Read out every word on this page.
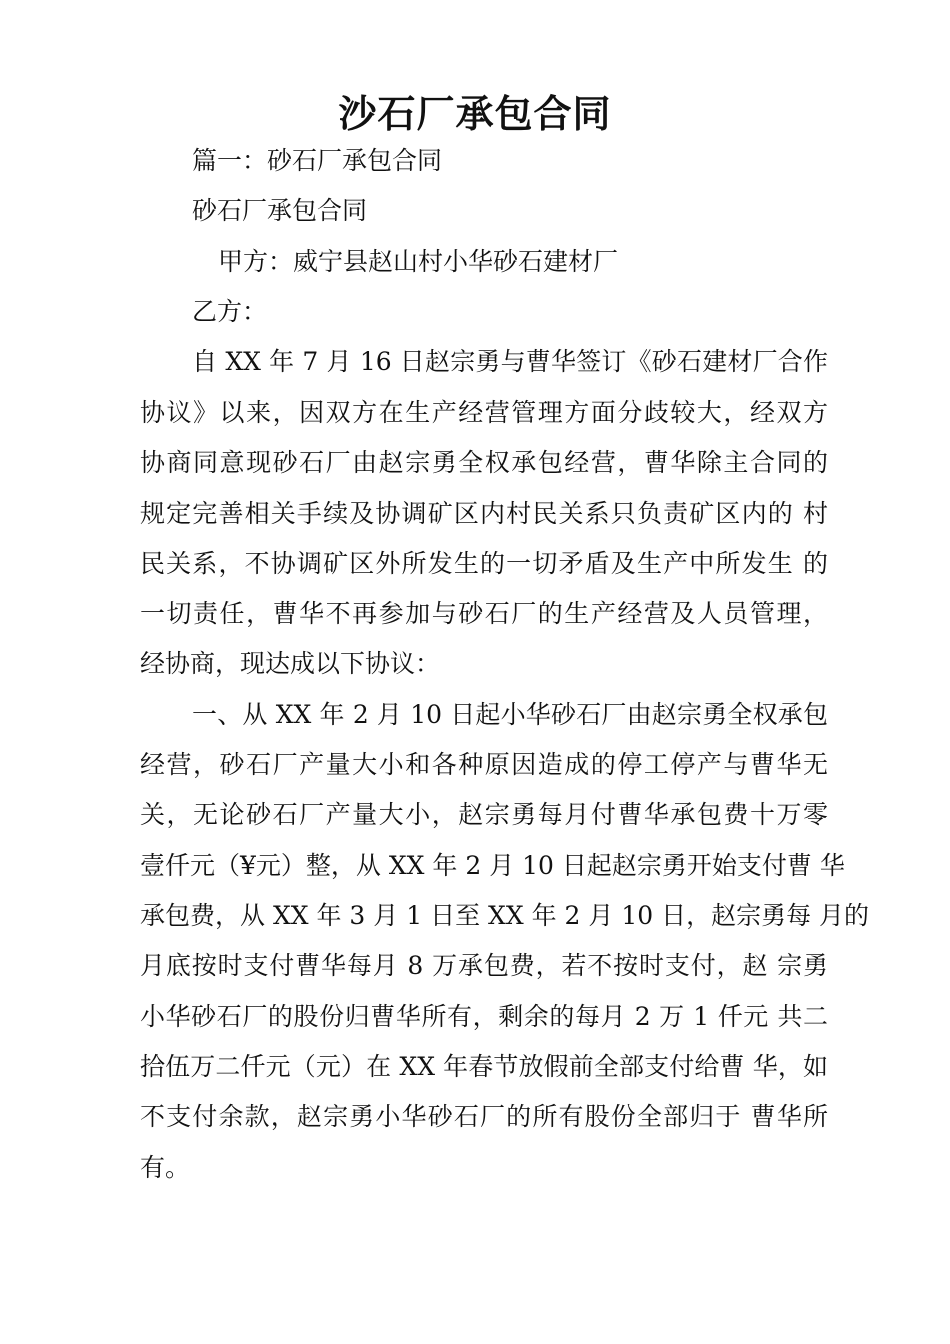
沙石厂承包合同
篇一：砂石厂承包合同
砂石厂承包合同
甲方：威宁县赵山村小华砂石建材厂
乙方：
自 XX 年 7 月 16 日赵宗勇与曹华签订《砂石建材厂合作
协议》以来，因双方在生产经营管理方面分歧较大，经双方
协商同意现砂石厂由赵宗勇全权承包经营，曹华除主合同的
规定完善相关手续及协调矿区内村民关系只负责矿区内的 村
民关系，不协调矿区外所发生的一切矛盾及生产中所发生 的
一切责任，曹华不再参加与砂石厂的生产经营及人员管理，
经协商，现达成以下协议：
一、从 XX 年 2 月 10 日起小华砂石厂由赵宗勇全权承包
经营，砂石厂产量大小和各种原因造成的停工停产与曹华无
关，无论砂石厂产量大小，赵宗勇每月付曹华承包费十万零
壹仟元（¥元）整，从 XX 年 2 月 10 日起赵宗勇开始支付曹 华
承包费，从 XX 年 3 月 1 日至 XX 年 2 月 10 日，赵宗勇每 月的
月底按时支付曹华每月 8 万承包费，若不按时支付，赵 宗勇
小华砂石厂的股份归曹华所有，剩余的每月 2 万 1 仟元 共二
拾伍万二仟元（元）在 XX 年春节放假前全部支付给曹 华，如
不支付余款，赵宗勇小华砂石厂的所有股份全部归于 曹华所
有。
